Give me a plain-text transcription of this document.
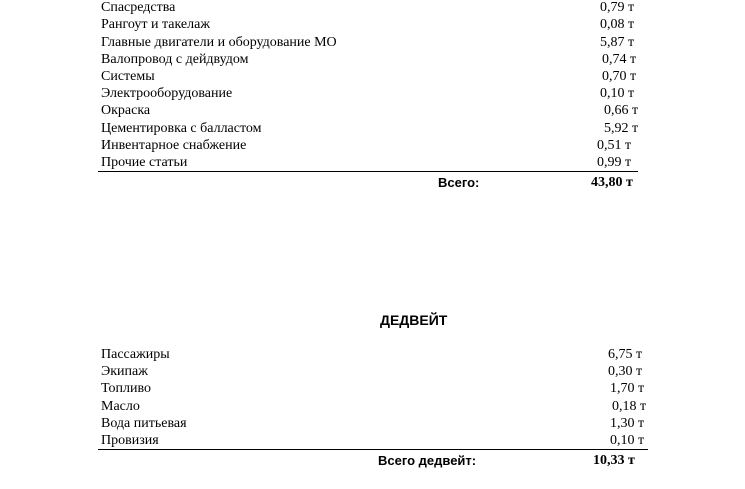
Спасредства	0,79 т
Рангоут и такелаж	0,08 т
Главные двигатели и оборудование МО	5,87 т
Валопровод с дейдвудом	0,74 т
Системы	0,70 т
Электрооборудование	0,10 т
Окраска	0,66 т
Цементировка с балластом	5,92 т
Инвентарное снабжение	0,51 т
Прочие статьи	0,99 т
Всего:	43,80 т
ДЕДВЕЙТ
Пассажиры	6,75 т
Экипаж	0,30 т
Топливо	1,70 т
Масло	0,18 т
Вода питьевая	1,30 т
Провизия	0,10 т
Всего дедвейт:	10,33 т
